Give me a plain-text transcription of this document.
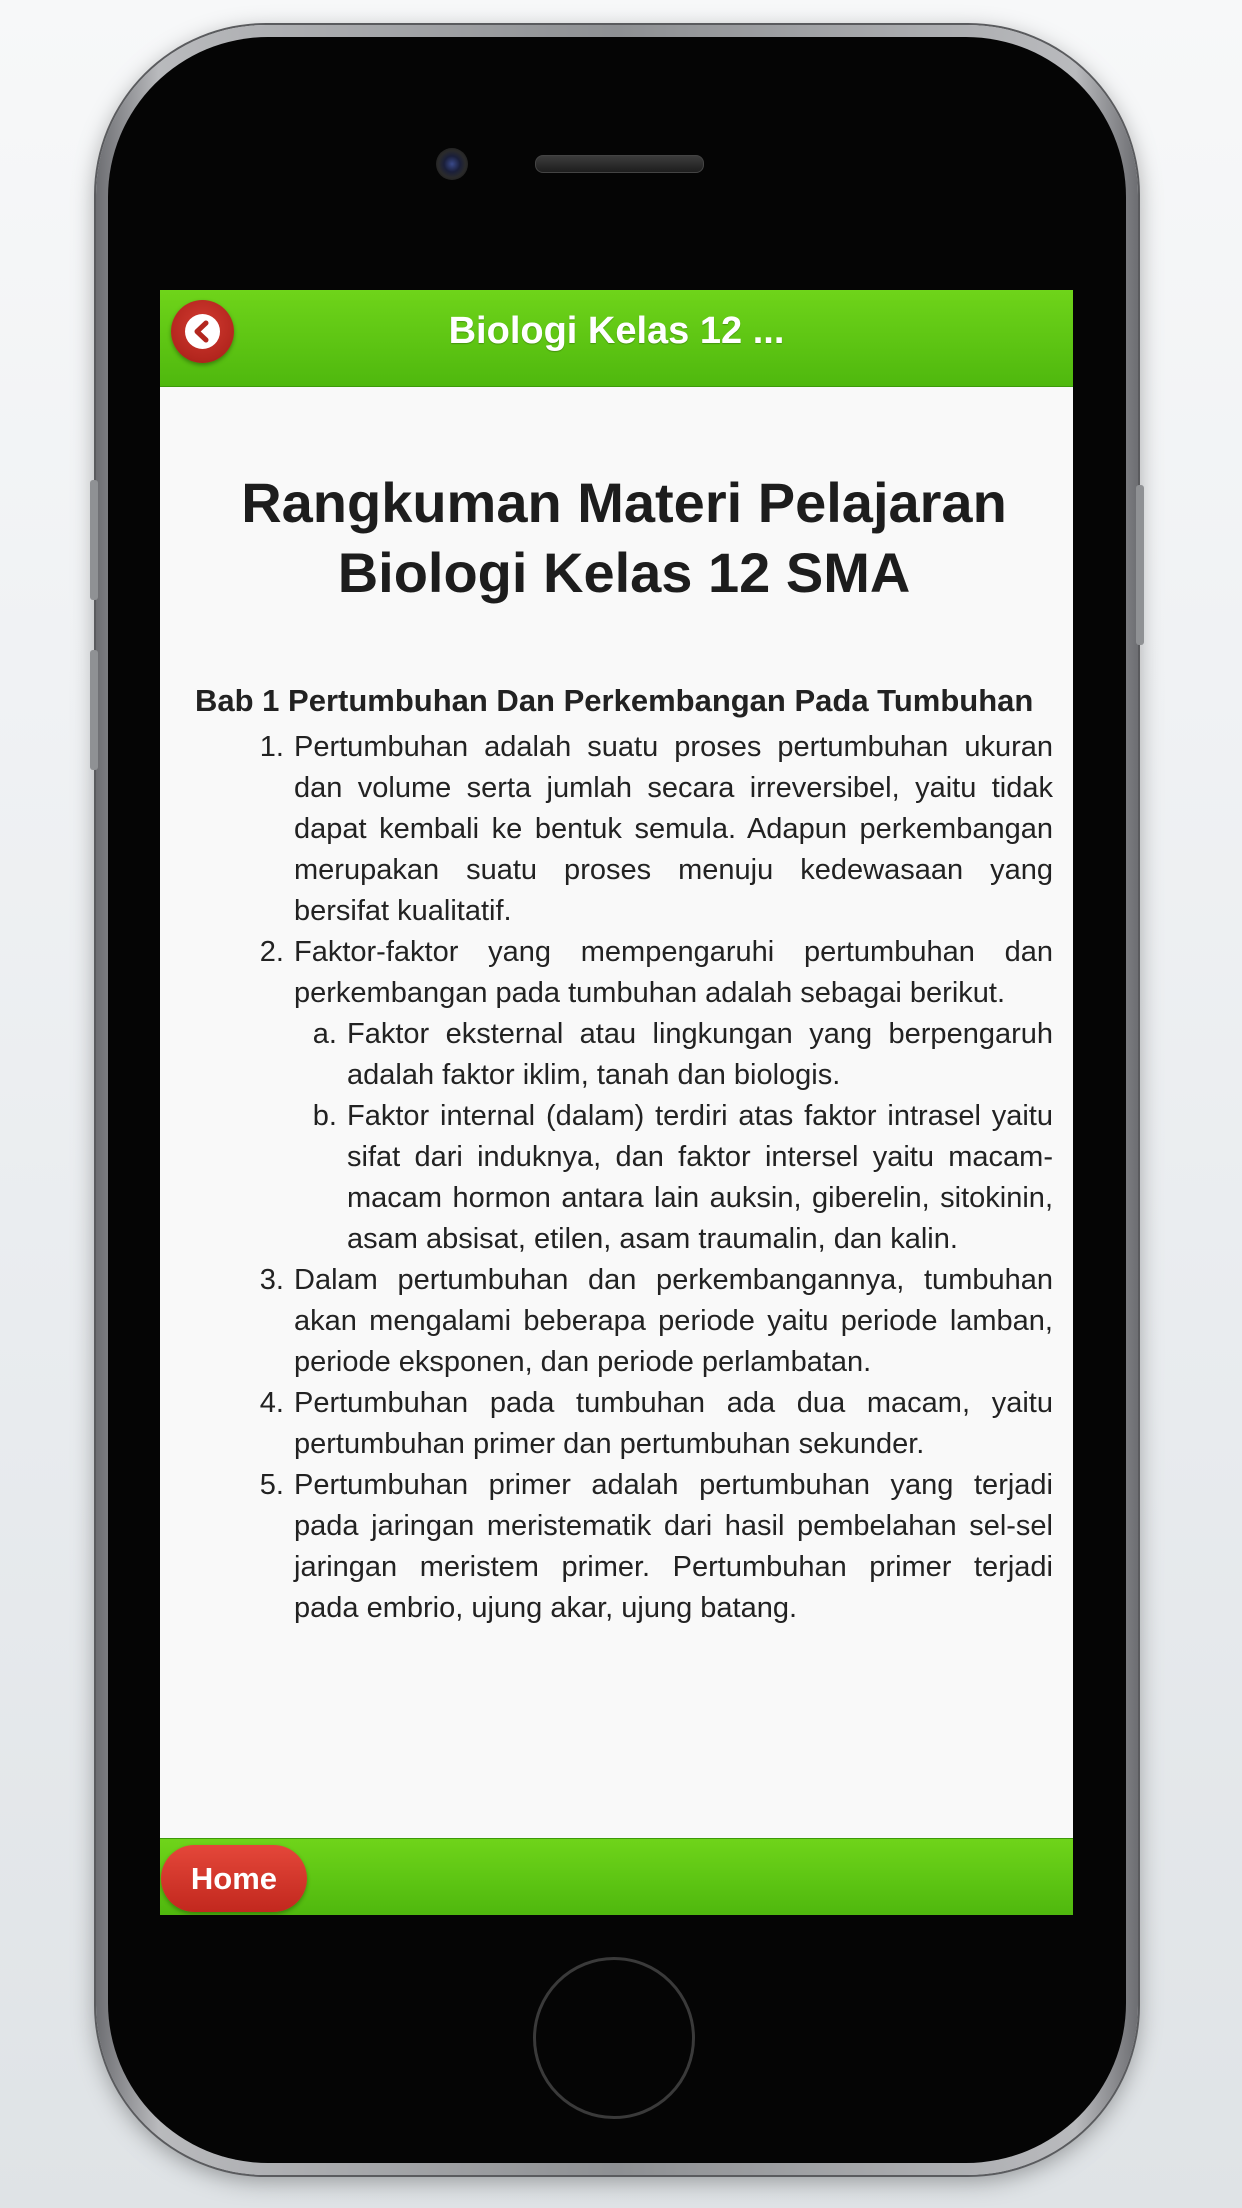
Biologi Kelas 12 ...
Rangkuman Materi Pelajaran
Biologi Kelas 12 SMA
Bab 1 Pertumbuhan Dan Perkembangan Pada Tumbuhan
1. Pertumbuhan adalah suatu proses pertumbuhan ukuran dan volume serta jumlah secara irreversibel, yaitu tidak dapat kembali ke bentuk semula. Adapun perkembangan merupakan suatu proses menuju kedewasaan yang bersifat kualitatif.
2. Faktor-faktor yang mempengaruhi pertumbuhan dan perkembangan pada tumbuhan adalah sebagai berikut.
a. Faktor eksternal atau lingkungan yang berpengaruh adalah faktor iklim, tanah dan biologis.
b. Faktor internal (dalam) terdiri atas faktor intrasel yaitu sifat dari induknya, dan faktor intersel yaitu macam-macam hormon antara lain auksin, giberelin, sitokinin, asam absisat, etilen, asam traumalin, dan kalin.
3. Dalam pertumbuhan dan perkembangannya, tumbuhan akan mengalami beberapa periode yaitu periode lamban, periode eksponen, dan periode perlambatan.
4. Pertumbuhan pada tumbuhan ada dua macam, yaitu pertumbuhan primer dan pertumbuhan sekunder.
5. Pertumbuhan primer adalah pertumbuhan yang terjadi pada jaringan meristematik dari hasil pembelahan sel-sel jaringan meristem primer. Pertumbuhan primer terjadi pada embrio, ujung akar, ujung batang.
Home
